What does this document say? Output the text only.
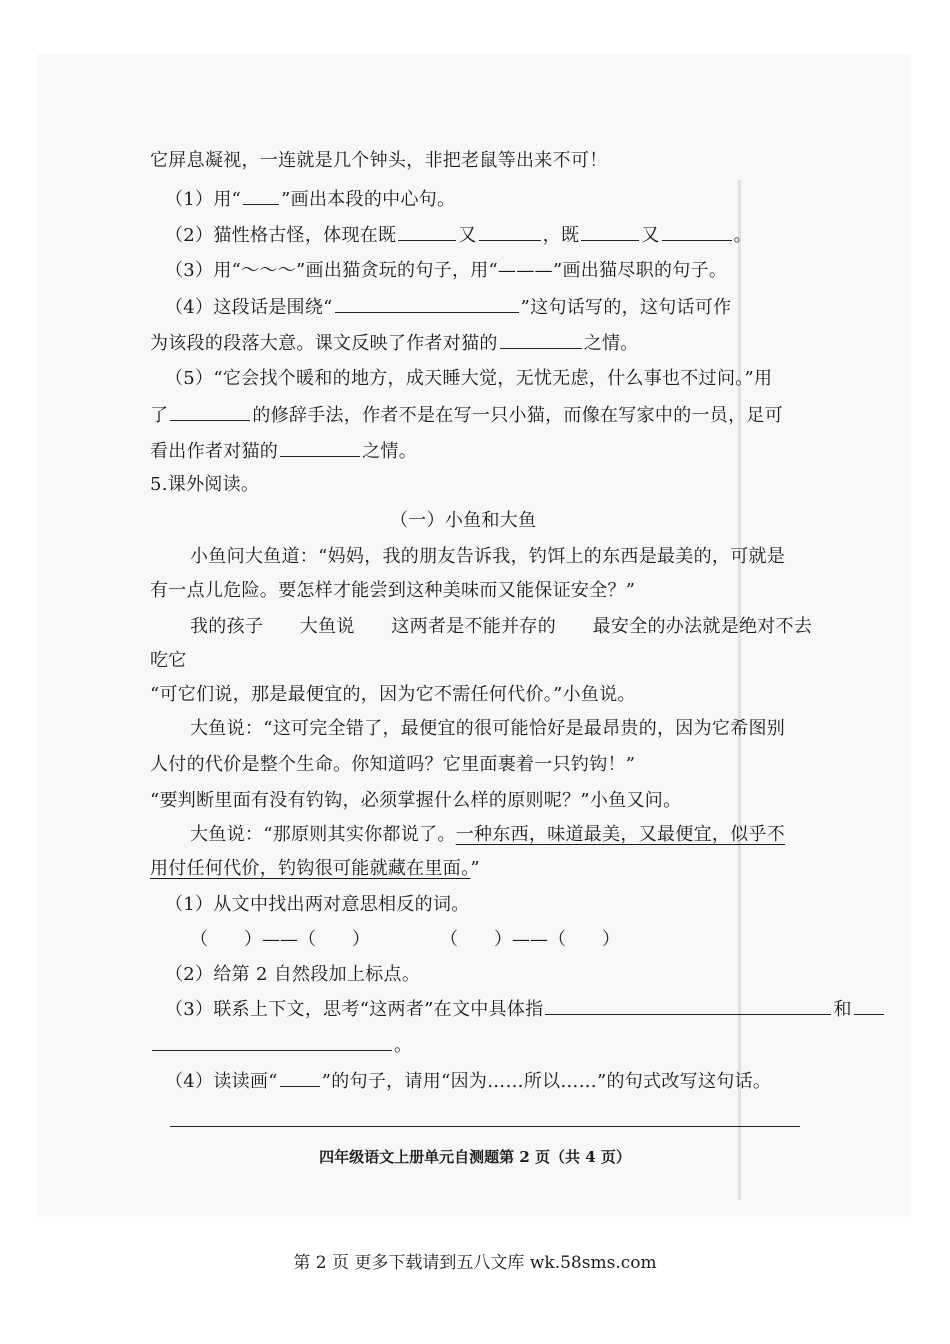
它屏息凝视，一连就是几个钟头，非把老鼠等出来不可！
（1）用“ ”画出本段的中心句。
（2）猫性格古怪，体现在既	又	，既	又	。
（3）用“～～～”画出猫贪玩的句子，用“———”画出猫尽职的句子。
（4）这段话是围绕“	”这句话写的，这句话可作
为该段的段落大意。课文反映了作者对猫的	之情。
（5）“它会找个暖和的地方，成天睡大觉，无忧无虑，什么事也不过问。”用
了	的修辞手法，作者不是在写一只小猫，而像在写家中的一员，足可
看出作者对猫的	之情。
5.课外阅读。
（一）小鱼和大鱼
小鱼问大鱼道：“妈妈，我的朋友告诉我，钓饵上的东西是最美的，可就是
有一点儿危险。要怎样才能尝到这种美味而又能保证安全？”
我的孩子　　大鱼说　　这两者是不能并存的　　最安全的办法就是绝对不去
吃它
“可它们说，那是最便宜的，因为它不需任何代价。”小鱼说。
大鱼说：“这可完全错了，最便宜的很可能恰好是最昂贵的，因为它希图别
人付的代价是整个生命。你知道吗？它里面裹着一只钓钩！”
“要判断里面有没有钓钩，必须掌握什么样的原则呢？”小鱼又问。
大鱼说：“那原则其实你都说了。一种东西，味道最美，又最便宜，似乎不
用付任何代价，钓钩很可能就藏在里面。”
（1）从文中找出两对意思相反的词。
（　　）——（　　）	（　　）——（　　）
（2）给第 2 自然段加上标点。
（3）联系上下文，思考“这两者”在文中具体指	和
。
（4）读读画“ ”的句子，请用“因为……所以……”的句式改写这句话。
四年级语文上册单元自测题第 2 页（共 4 页）
第 2 页 更多下载请到五八文库 wk.58sms.com
